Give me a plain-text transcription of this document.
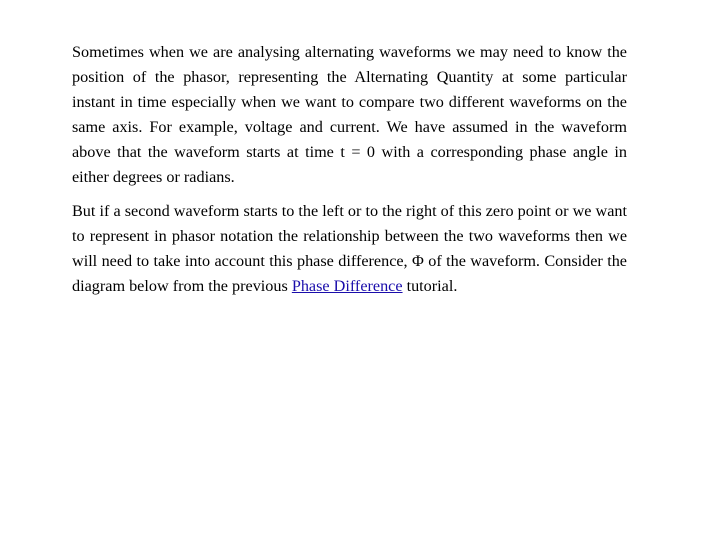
Sometimes when we are analysing alternating waveforms we may need to know the position of the phasor, representing the Alternating Quantity at some particular instant in time especially when we want to compare two different waveforms on the same axis. For example, voltage and current. We have assumed in the waveform above that the waveform starts at time t = 0 with a corresponding phase angle in either degrees or radians.

But if a second waveform starts to the left or to the right of this zero point or we want to represent in phasor notation the relationship between the two waveforms then we will need to take into account this phase difference, Φ of the waveform. Consider the diagram below from the previous Phase Difference tutorial.
